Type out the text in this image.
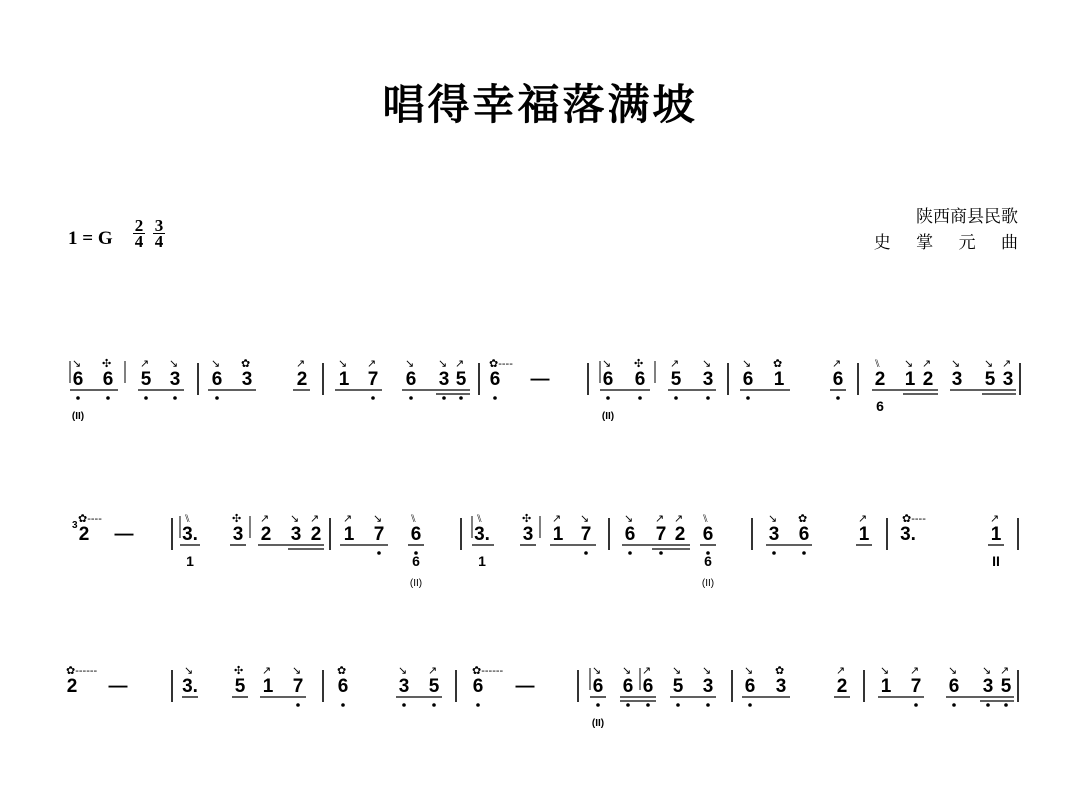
唱得幸福落满坡
1 = G
2
4
3
4
陕西商县民歌
史 掌 元 曲
6
↘
(II)
6
✣
5
↗
3
↘
6
↘
3
✿
2
↗
1
↘
7
↗
6
↘
3
↘
5
↗
6
✿----
—	6
↘
(II)
6
✣
5
↗
3
↘
6
↘
1
✿
6
↗
2
⑊
6
1
↘
2
↗
3
↘
5
↘
3
↗
3 2
✿----
—	3.
⑊
1
3
✣
2
↗
3
↘
2
↗
1
↗
7
↘
6
⑊
6
(II)
3.
⑊
1
3
✣
1
↗
7
↘
6
↘
7
↗
2
↗
6
⑊
6
(II)
3
↘
6
✿
1
↗
3.
✿----
1
↗
II
2
✿------
—	3.
↘
5
✣
1
↗
7
↘
6
✿
3
↘
5
↗
6
✿------
—	6
↘
(II)
6
↘
6
↗
5
↘
3
↘
6
↘
3
✿
2
↗
1
↘
7
↗
6
↘
3
↘
5
↗
